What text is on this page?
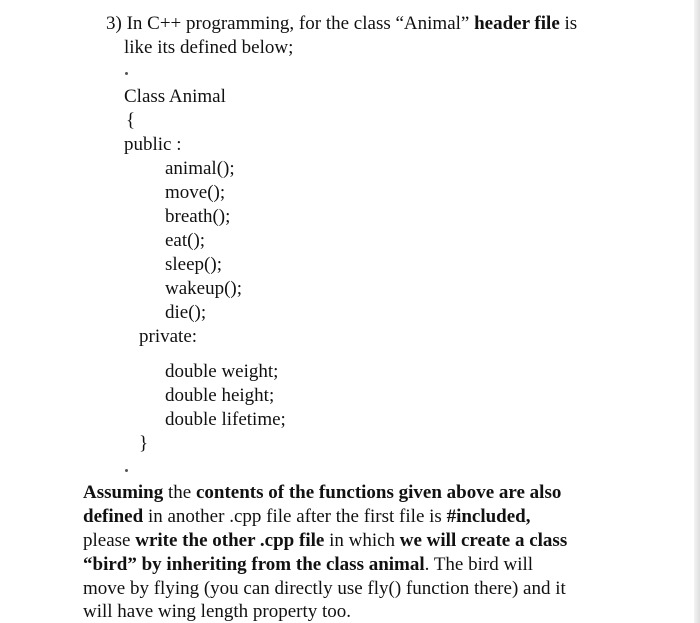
3) In C++ programming, for the class “Animal” header file is
like its defined below;
Class Animal
{
public :
animal();
move();
breath();
eat();
sleep();
wakeup();
die();
private:
double weight;
double height;
double lifetime;
}
Assuming the contents of the functions given above are also
defined in another .cpp file after the first file is #included,
please write the other .cpp file in which we will create a class
“bird” by inheriting from the class animal. The bird will
move by flying (you can directly use fly() function there) and it
will have wing length property too.
